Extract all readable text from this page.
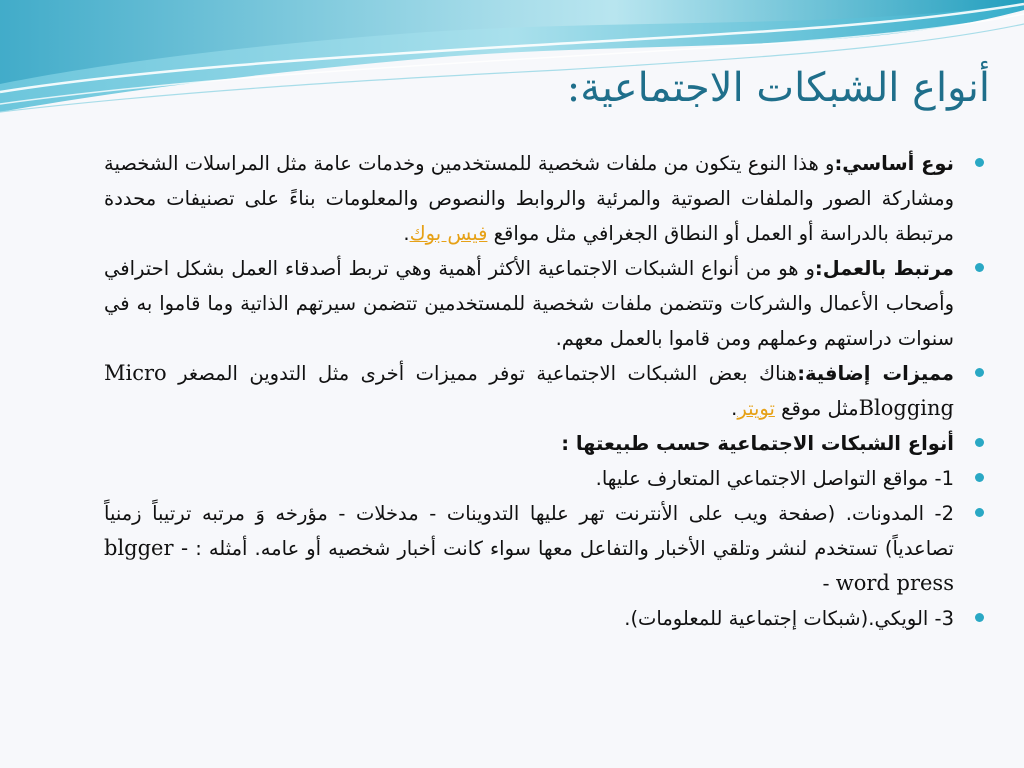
أنواع الشبكات الاجتماعية:

نوع أساسي:و هذا النوع يتكون من ملفات شخصية للمستخدمين وخدمات عامة مثل المراسلات الشخصية ومشاركة الصور والملفات الصوتية والمرئية والروابط والنصوص والمعلومات بناءً على تصنيفات محددة مرتبطة بالدراسة أو العمل أو النطاق الجغرافي مثل مواقع فيس بوك.

مرتبط بالعمل:و هو من أنواع الشبكات الاجتماعية الأكثر أهمية وهي تربط أصدقاء العمل بشكل احترافي وأصحاب الأعمال والشركات وتتضمن ملفات شخصية للمستخدمين تتضمن سيرتهم الذاتية وما قاموا به في سنوات دراستهم وعملهم ومن قاموا بالعمل معهم.

مميزات إضافية:هناك بعض الشبكات الاجتماعية توفر مميزات أخرى مثل التدوين المصغر Micro Bloggingمثل موقع تويتر.

أنواع الشبكات الاجتماعية حسب طبيعتها :

1- مواقع التواصل الاجتماعي المتعارف عليها.

2- المدونات. (صفحة ويب على الأنترنت تهر عليها التدوينات - مدخلات - مؤرخه وَ مرتبه ترتيباً زمنياً تصاعدياً) تستخدم لنشر وتلقي الأخبار والتفاعل معها سواء كانت أخبار شخصيه أو عامه. أمثله : blgger - word press -

3- الويكي.(شبكات إجتماعية للمعلومات).
